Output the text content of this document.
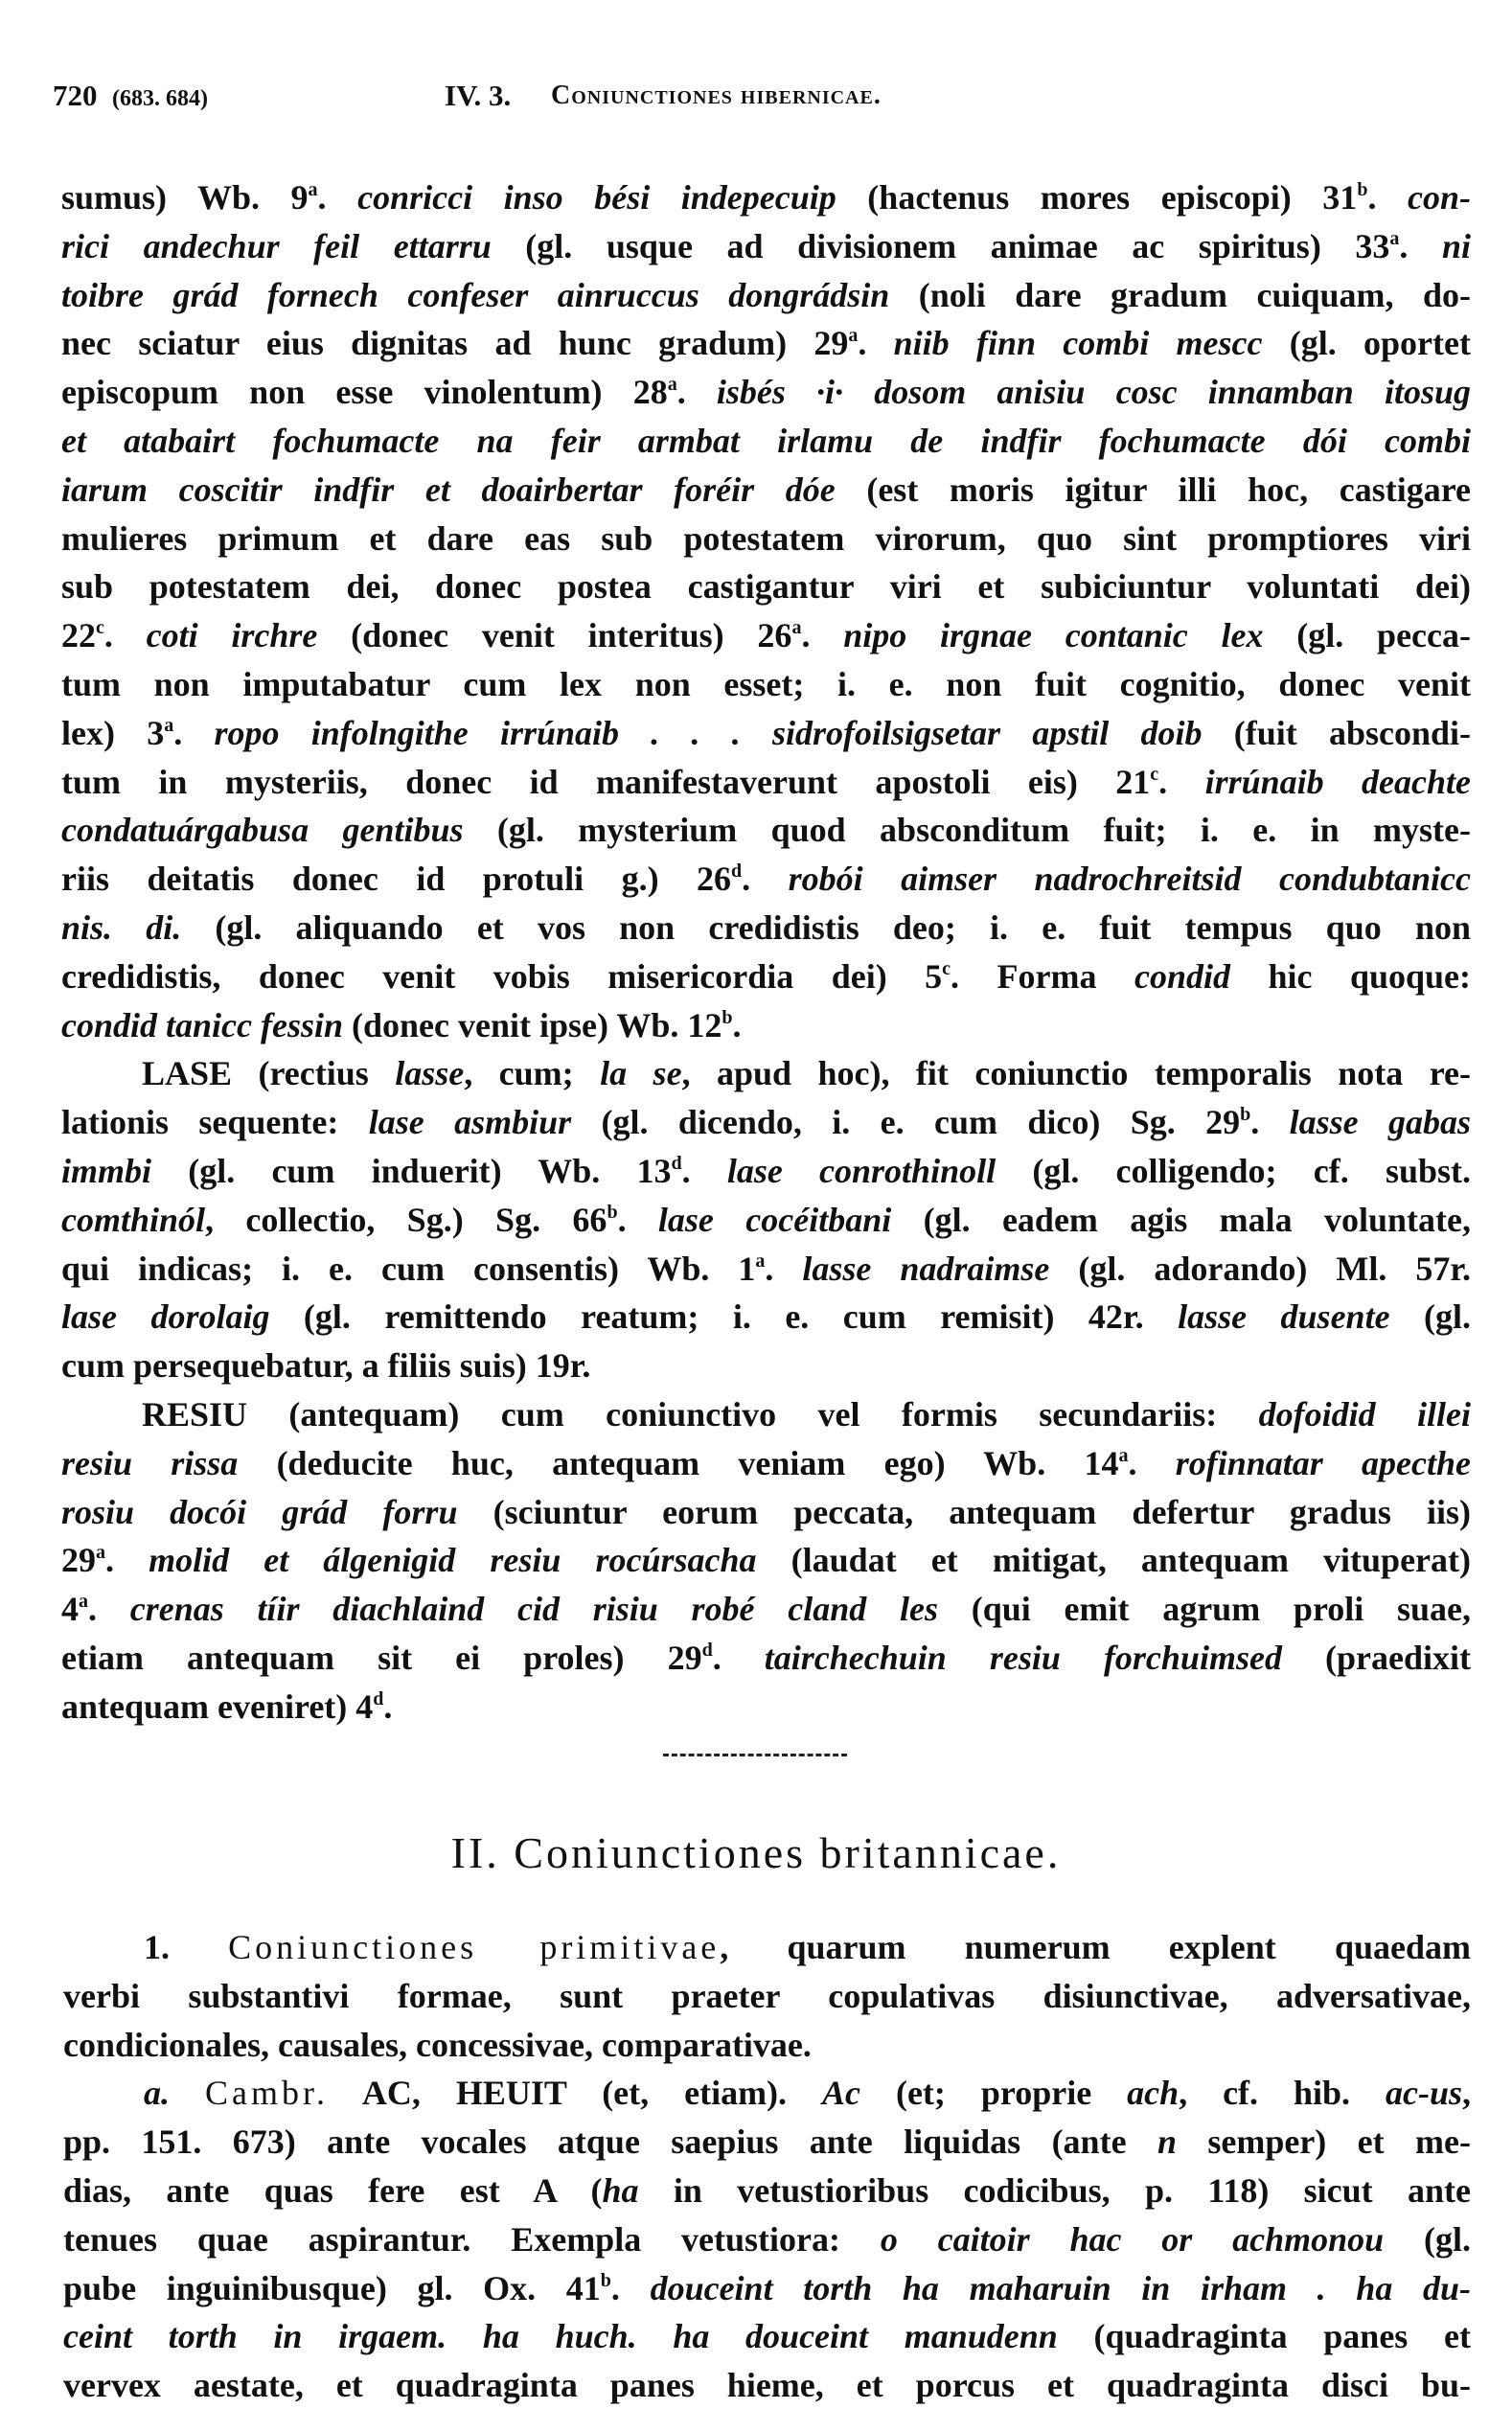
720 (683. 684)	IV. 3. Coniunctiones hibernicae.
sumus) Wb. 9$^a$. conricci inso bési indepecuip (hactenus mores episcopi) 31$^b$. con-
rici andechur feil ettarru (gl. usque ad divisionem animae ac spiritus) 33$^a$. ni
toibre grád fornech confeser ainruccus dongrádsin (noli dare gradum cuiquam, do-
nec sciatur eius dignitas ad hunc gradum) 29$^a$. niib finn combi mescc (gl. oportet
episcopum non esse vinolentum) 28$^a$. isbés ·i· dosom anisiu cosc innamban itosug
et atabairt fochumacte na feir armbat irlamu de indfir fochumacte dói combi
iarum coscitir indfir et doairbertar foréir dóe (est moris igitur illi hoc, castigare
mulieres primum et dare eas sub potestatem virorum, quo sint promptiores viri
sub potestatem dei, donec postea castigantur viri et subiciuntur voluntati dei)
22$^c$. coti irchre (donec venit interitus) 26$^a$. nipo irgnae contanic lex (gl. pecca-
tum non imputabatur cum lex non esset; i. e. non fuit cognitio, donec venit
lex) 3$^a$. ropo infolngithe irrúnaib . . . sidrofoilsigsetar apstil doib (fuit abscondi-
tum in mysteriis, donec id manifestaverunt apostoli eis) 21$^c$. irrúnaib deachte
condatuárgabusa gentibus (gl. mysterium quod absconditum fuit; i. e. in myste-
riis deitatis donec id protuli g.) 26$^d$. robói aimser nadrochreitsid condubtanicc
nis. di. (gl. aliquando et vos non credidistis deo; i. e. fuit tempus quo non
credidistis, donec venit vobis misericordia dei) 5$^c$. Forma condid hic quoque:
condid tanicc fessin (donec venit ipse) Wb. 12$^b$.
LASE (rectius lasse, cum; la se, apud hoc), fit coniunctio temporalis nota re-
lationis sequente: lase asmbiur (gl. dicendo, i. e. cum dico) Sg. 29$^b$. lasse gabas
immbi (gl. cum induerit) Wb. 13$^d$. lase conrothinoll (gl. colligendo; cf. subst.
comthinól, collectio, Sg.) Sg. 66$^b$. lase cocéitbani (gl. eadem agis mala voluntate,
qui indicas; i. e. cum consentis) Wb. 1$^a$. lasse nadraimse (gl. adorando) Ml. 57r.
lase dorolaig (gl. remittendo reatum; i. e. cum remisit) 42r. lasse dusente (gl.
cum persequebatur, a filiis suis) 19r.
RESIU (antequam) cum coniunctivo vel formis secundariis: dofoidid illei
resiu rissa (deducite huc, antequam veniam ego) Wb. 14$^a$. rofinnatar apecthe
rosiu docói grád forru (sciuntur eorum peccata, antequam defertur gradus iis)
29$^a$. molid et álgenigid resiu rocúrsacha (laudat et mitigat, antequam vituperat)
4$^a$. crenas tíir diachlaind cid risiu robé cland les (qui emit agrum proli suae,
etiam antequam sit ei proles) 29$^d$. tairchechuin resiu forchuimsed (praedixit
antequam eveniret) 4$^d$.
II. Coniunctiones britannicae.
1. Coniunctiones primitivae, quarum numerum explent quaedam
verbi substantivi formae, sunt praeter copulativas disiunctivae, adversativae,
condicionales, causales, concessivae, comparativae.
a. Cambr. AC, HEUIT (et, etiam). Ac (et; proprie ach, cf. hib. ac-us,
pp. 151. 673) ante vocales atque saepius ante liquidas (ante n semper) et me-
dias, ante quas fere est A (ha in vetustioribus codicibus, p. 118) sicut ante
tenues quae aspirantur. Exempla vetustiora: o caitoir hac or achmonou (gl.
pube inguinibusque) gl. Ox. 41$^b$. douceint torth ha maharuin in irham . ha du-
ceint torth in irgaem. ha huch. ha douceint manudenn (quadraginta panes et
vervex aestate, et quadraginta panes hieme, et porcus et quadraginta disci bu-
